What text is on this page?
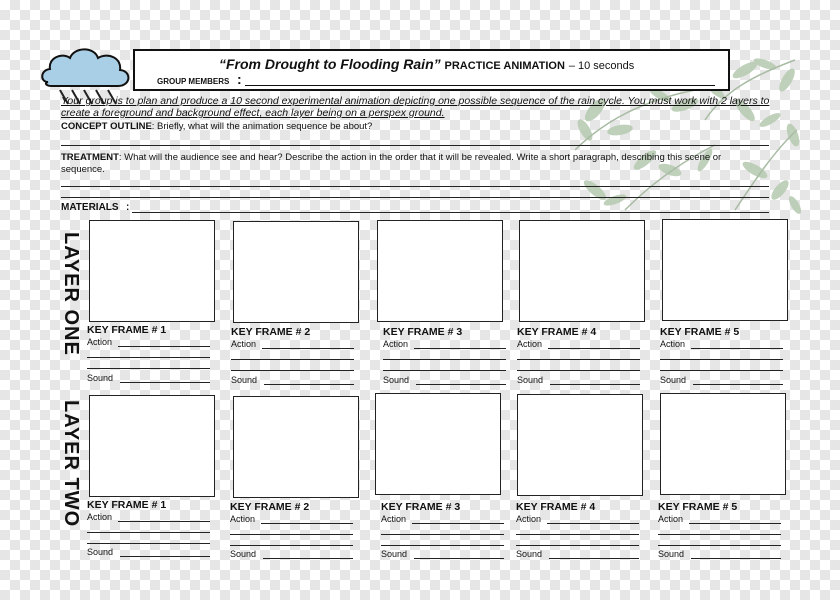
“From Drought to Flooding Rain” PRACTICE ANIMATION – 10 seconds
GROUP MEMBERS :
Your group is to plan and produce a 10 second experimental animation depicting one possible sequence of the rain cycle. You must work with 2 layers to create a foreground and background effect, each layer being on a perspex ground.
CONCEPT OUTLINE: Briefly, what will the animation sequence be about?
TREATMENT: What will the audience see and hear? Describe the action in the order that it will be revealed. Write a short paragraph, describing this scene or sequence.
MATERIALS :
LAYER ONE
LAYER TWO
KEY FRAME # 1
Action
Sound
KEY FRAME # 2
Action
Sound
KEY FRAME # 3
Action
Sound
KEY FRAME # 4
Action
Sound
KEY FRAME # 5
Action
Sound
KEY FRAME # 1
Action
Sound
KEY FRAME # 2
Action
Sound
KEY FRAME # 3
Action
Sound
KEY FRAME # 4
Action
Sound
KEY FRAME # 5
Action
Sound
